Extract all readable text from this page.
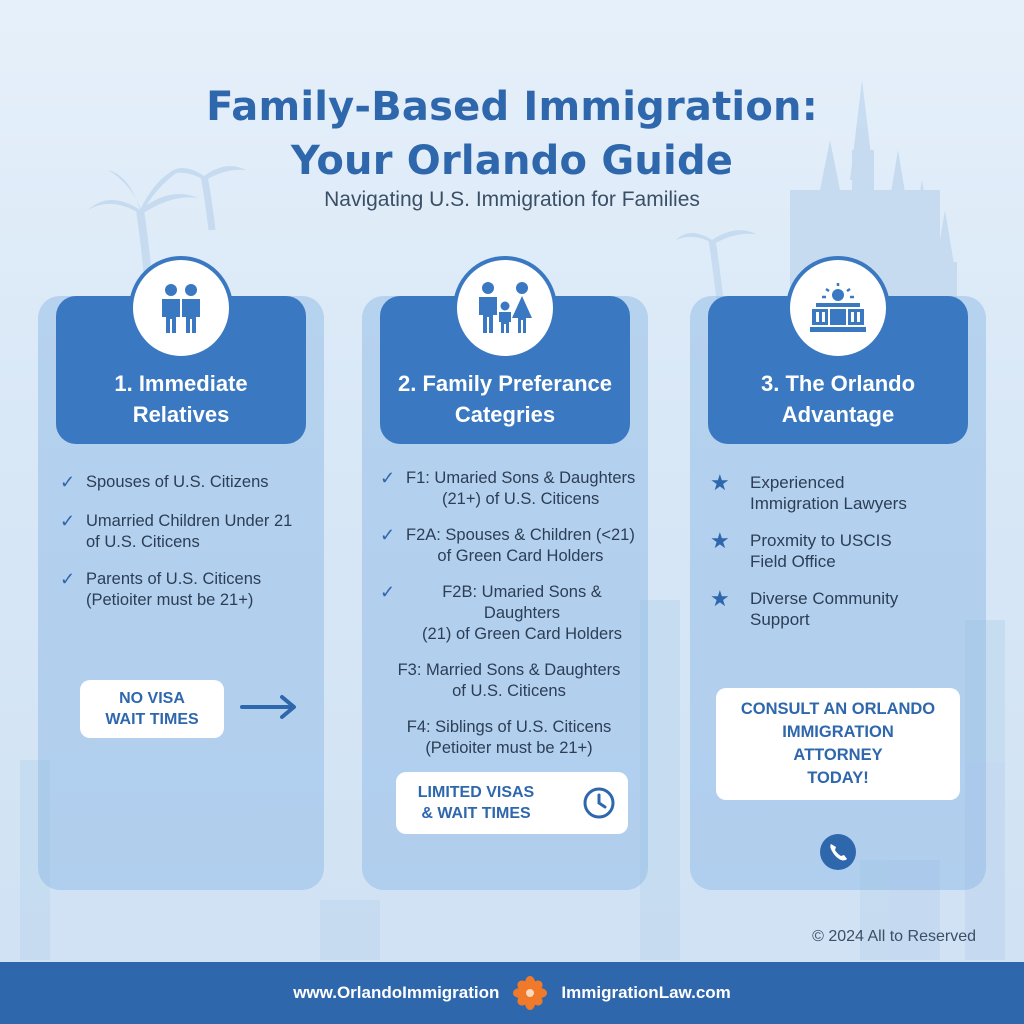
Family-Based Immigration:
Your Orlando Guide
Navigating U.S. Immigration for Families
1. Immediate
Relatives
✓ Spouses of U.S. Citizens
✓ Umarried Children Under 21
of U.S. Citicens
✓ Parents of U.S. Citicens
(Petioiter must be 21+)
NO VISA
WAIT TIMES
2. Family Preferance
Categries
✓ F1: Umaried Sons & Daughters
(21+) of U.S. Citicens
✓ F2A: Spouses & Children (<21)
of Green Card Holders
✓	F2B: Umaried Sons & Daughters
(21) of Green Card Holders
F3: Married Sons & Daughters
of U.S. Citicens
F4: Siblings of U.S. Citicens
(Petioiter must be 21+)
LIMITED VISAS
& WAIT TIMES
3. The Orlando
Advantage
★	Experienced
Immigration Lawyers
★	Proxmity to USCIS
Field Office
★	Diverse Community
Support
CONSULT AN ORLANDO
IMMIGRATION
ATTORNEY
TODAY!
© 2024 All to Reserved
www.OrlandoImmigration	ImmigrationLaw.com
